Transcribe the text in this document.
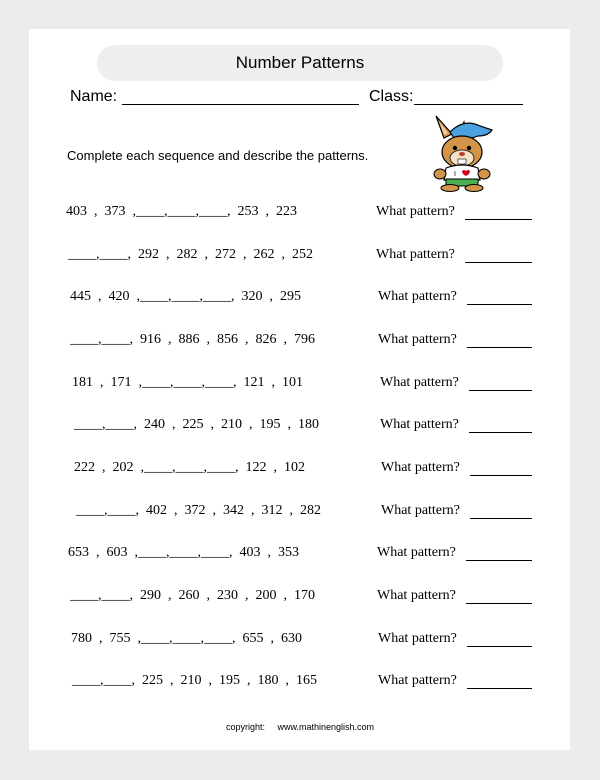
Number Patterns
Name:	Class:
Complete each sequence and describe the patterns.
I
403  ,  373  ,____,____,____,  253  ,  223	What pattern?
____,____,  292  ,  282  ,  272  ,  262  ,  252	What pattern?
445  ,  420  ,____,____,____,  320  ,  295	What pattern?
____,____,  916  ,  886  ,  856  ,  826  ,  796	What pattern?
181  ,  171  ,____,____,____,  121  ,  101	What pattern?
____,____,  240  ,  225  ,  210  ,  195  ,  180	What pattern?
222  ,  202  ,____,____,____,  122  ,  102	What pattern?
____,____,  402  ,  372  ,  342  ,  312  ,  282	What pattern?
653  ,  603  ,____,____,____,  403  ,  353	What pattern?
____,____,  290  ,  260  ,  230  ,  200  ,  170	What pattern?
780  ,  755  ,____,____,____,  655  ,  630	What pattern?
____,____,  225  ,  210  ,  195  ,  180  ,  165	What pattern?
copyright:     www.mathinenglish.com
